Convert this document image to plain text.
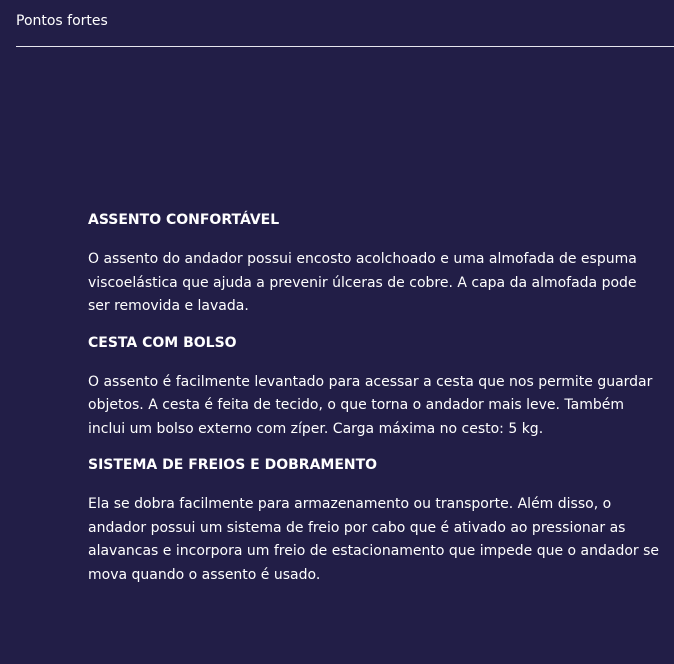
Pontos fortes
ASSENTO CONFORTÁVEL

O assento do andador possui encosto acolchoado e uma almofada de espuma viscoelástica que ajuda a prevenir úlceras de cobre. A capa da almofada pode ser removida e lavada.

CESTA COM BOLSO

O assento é facilmente levantado para acessar a cesta que nos permite guardar objetos. A cesta é feita de tecido, o que torna o andador mais leve. Também inclui um bolso externo com zíper. Carga máxima no cesto: 5 kg.

SISTEMA DE FREIOS E DOBRAMENTO

Ela se dobra facilmente para armazenamento ou transporte. Além disso, o andador possui um sistema de freio por cabo que é ativado ao pressionar as alavancas e incorpora um freio de estacionamento que impede que o andador se mova quando o assento é usado.
